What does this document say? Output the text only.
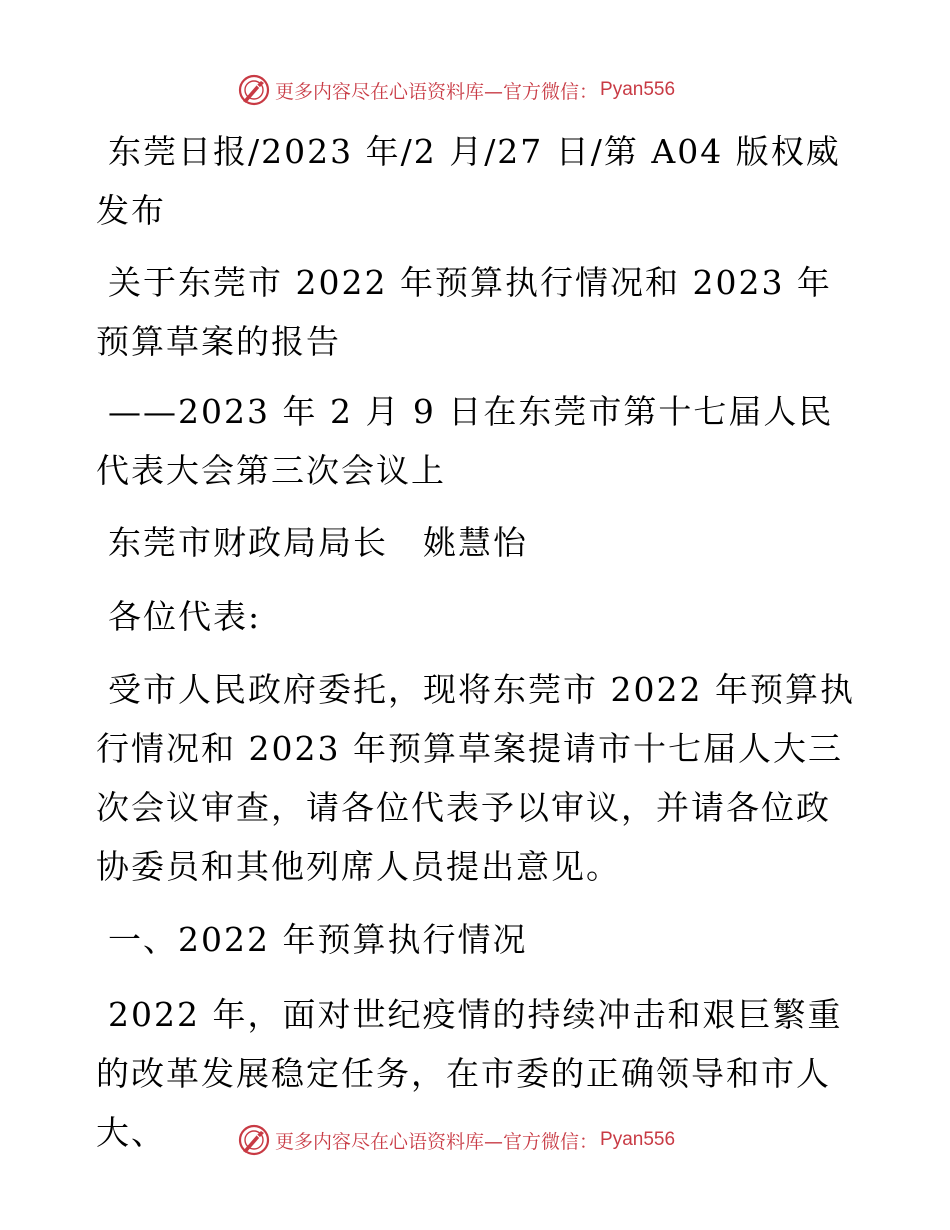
更多内容尽在心语资料库—官方微信： Pyan556

东莞日报/2023 年/2 月/27 日/第 A04 版权威发布

关于东莞市 2022 年预算执行情况和 2023 年预算草案的报告

——2023 年 2 月 9 日在东莞市第十七届人民代表大会第三次会议上

东莞市财政局局长　姚慧怡

各位代表:

受市人民政府委托，现将东莞市 2022 年预算执行情况和 2023 年预算草案提请市十七届人大三次会议审查，请各位代表予以审议，并请各位政协委员和其他列席人员提出意见。

一、2022 年预算执行情况

2022 年，面对世纪疫情的持续冲击和艰巨繁重的改革发展稳定任务，在市委的正确领导和市人大、	更多内容尽在心语资料库—官方微信： Pyan556
